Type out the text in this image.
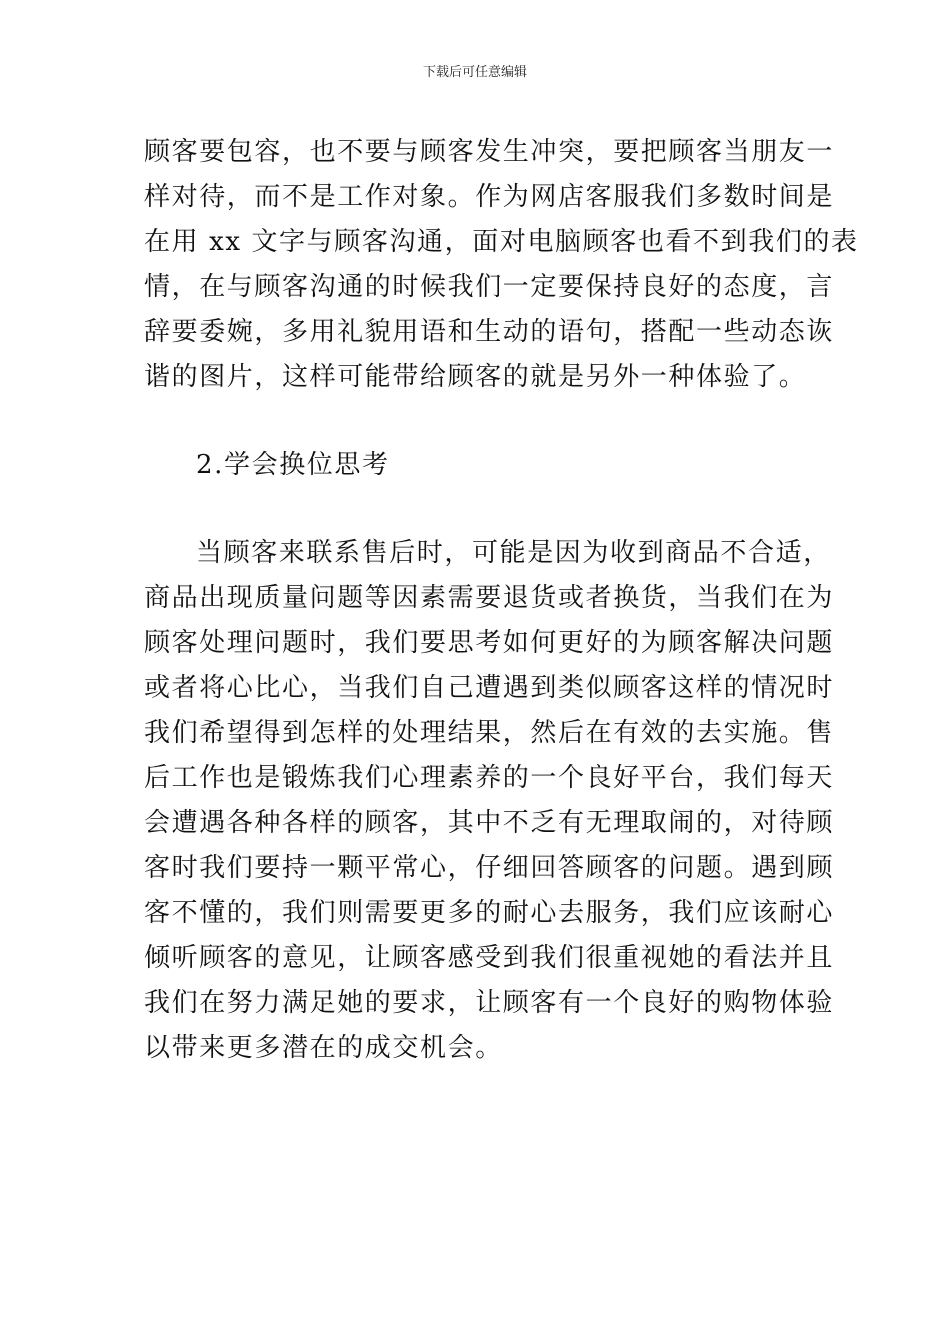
下载后可任意编辑
顾客要包容，也不要与顾客发生冲突，要把顾客当朋友一
样对待，而不是工作对象。作为网店客服我们多数时间是
在用 xx 文字与顾客沟通，面对电脑顾客也看不到我们的表
情，在与顾客沟通的时候我们一定要保持良好的态度，言
辞要委婉，多用礼貌用语和生动的语句，搭配一些动态诙
谐的图片，这样可能带给顾客的就是另外一种体验了。
2.学会换位思考
当顾客来联系售后时，可能是因为收到商品不合适，
商品出现质量问题等因素需要退货或者换货，当我们在为
顾客处理问题时，我们要思考如何更好的为顾客解决问题
或者将心比心，当我们自己遭遇到类似顾客这样的情况时
我们希望得到怎样的处理结果，然后在有效的去实施。售
后工作也是锻炼我们心理素养的一个良好平台，我们每天
会遭遇各种各样的顾客，其中不乏有无理取闹的，对待顾
客时我们要持一颗平常心，仔细回答顾客的问题。遇到顾
客不懂的，我们则需要更多的耐心去服务，我们应该耐心
倾听顾客的意见，让顾客感受到我们很重视她的看法并且
我们在努力满足她的要求，让顾客有一个良好的购物体验
以带来更多潜在的成交机会。
